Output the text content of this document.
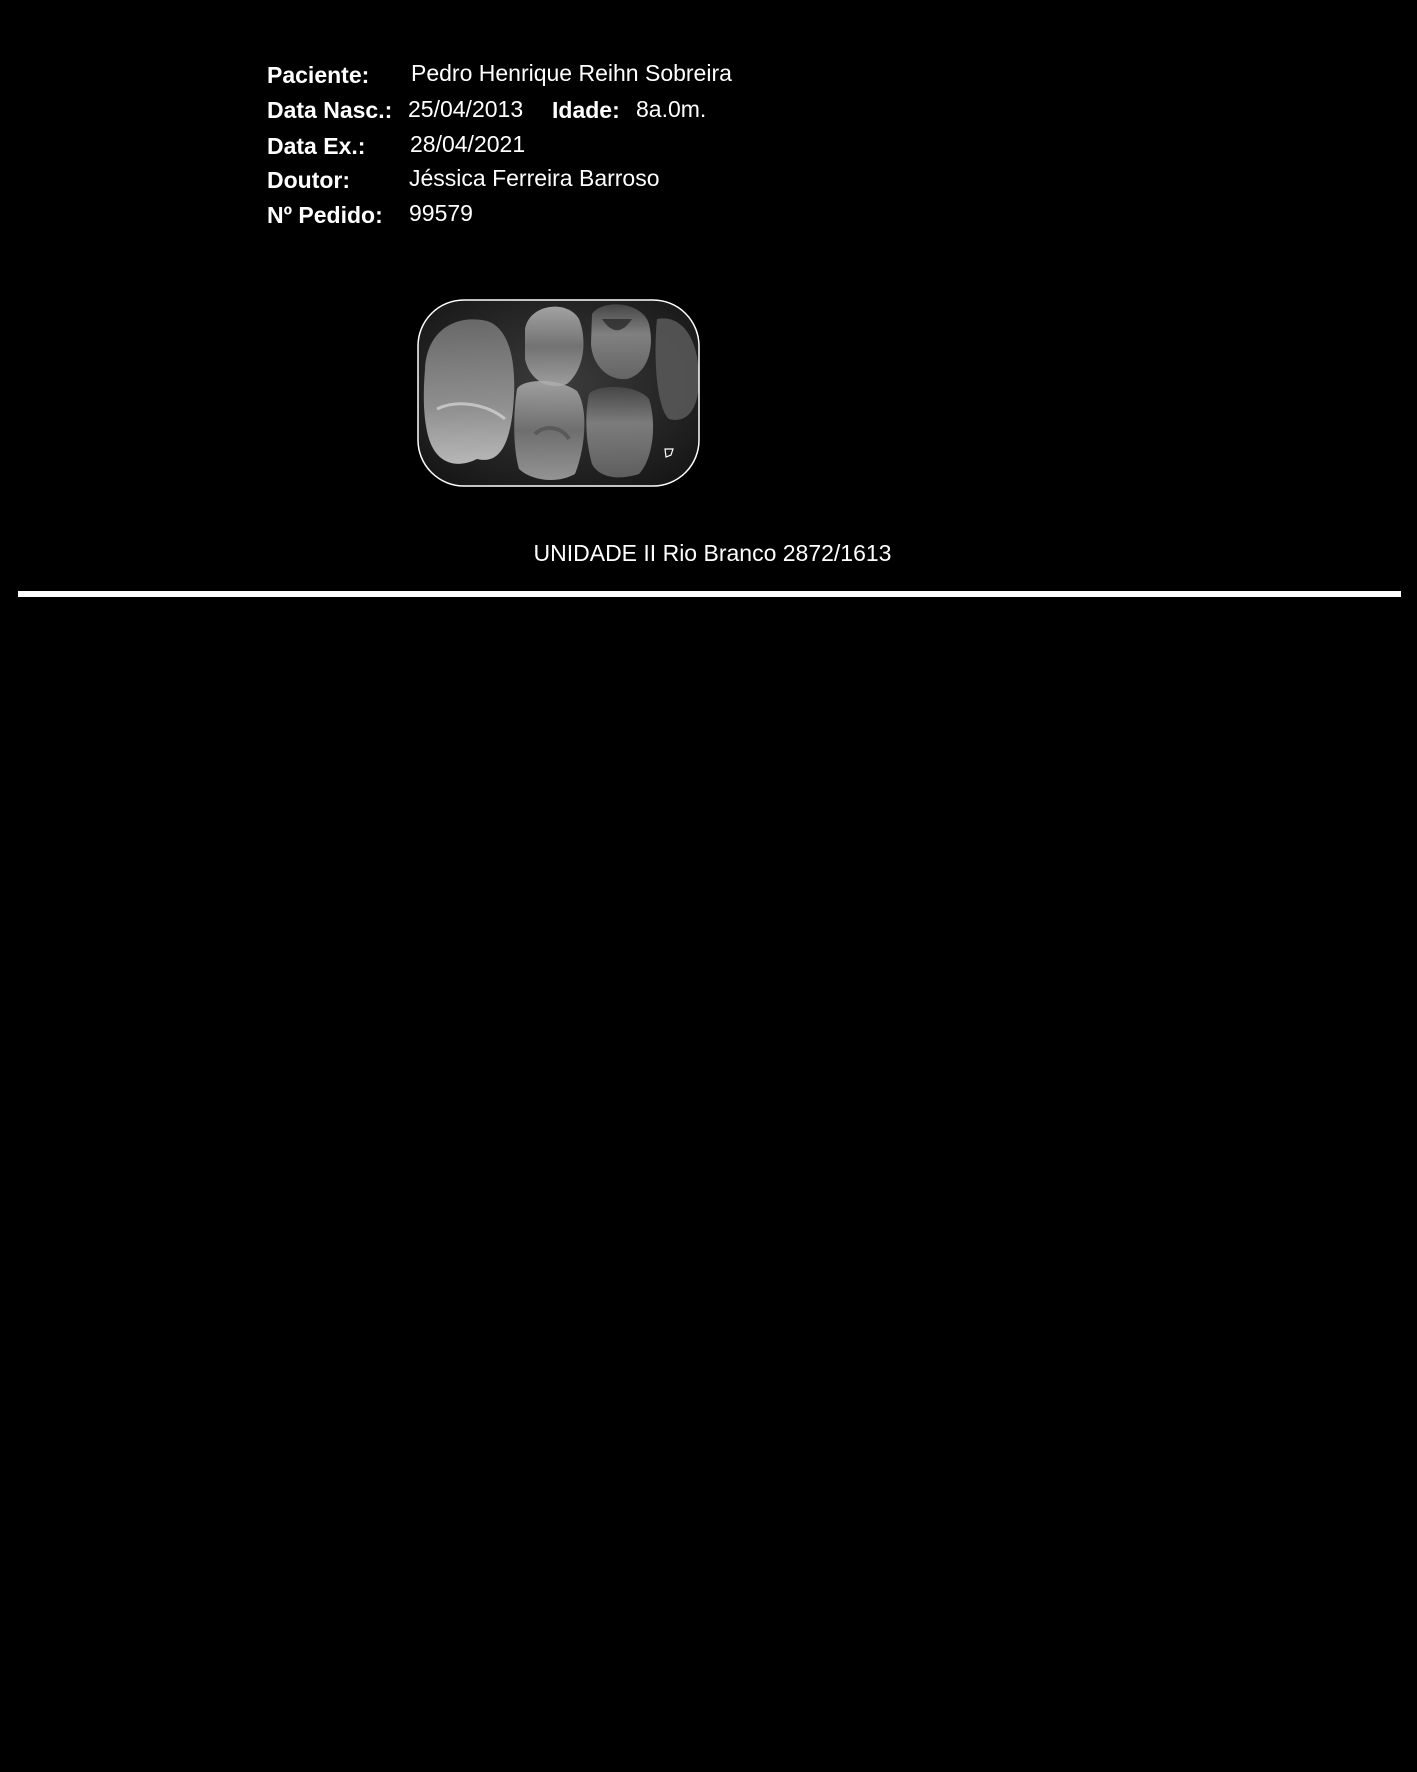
Paciente: Pedro Henrique Reihn Sobreira
Data Nasc.: 25/04/2013 Idade: 8a.0m.
Data Ex.: 28/04/2021
Doutor:	Jéssica Ferreira Barroso
Nº Pedido: 99579
UNIDADE II Rio Branco 2872/1613
